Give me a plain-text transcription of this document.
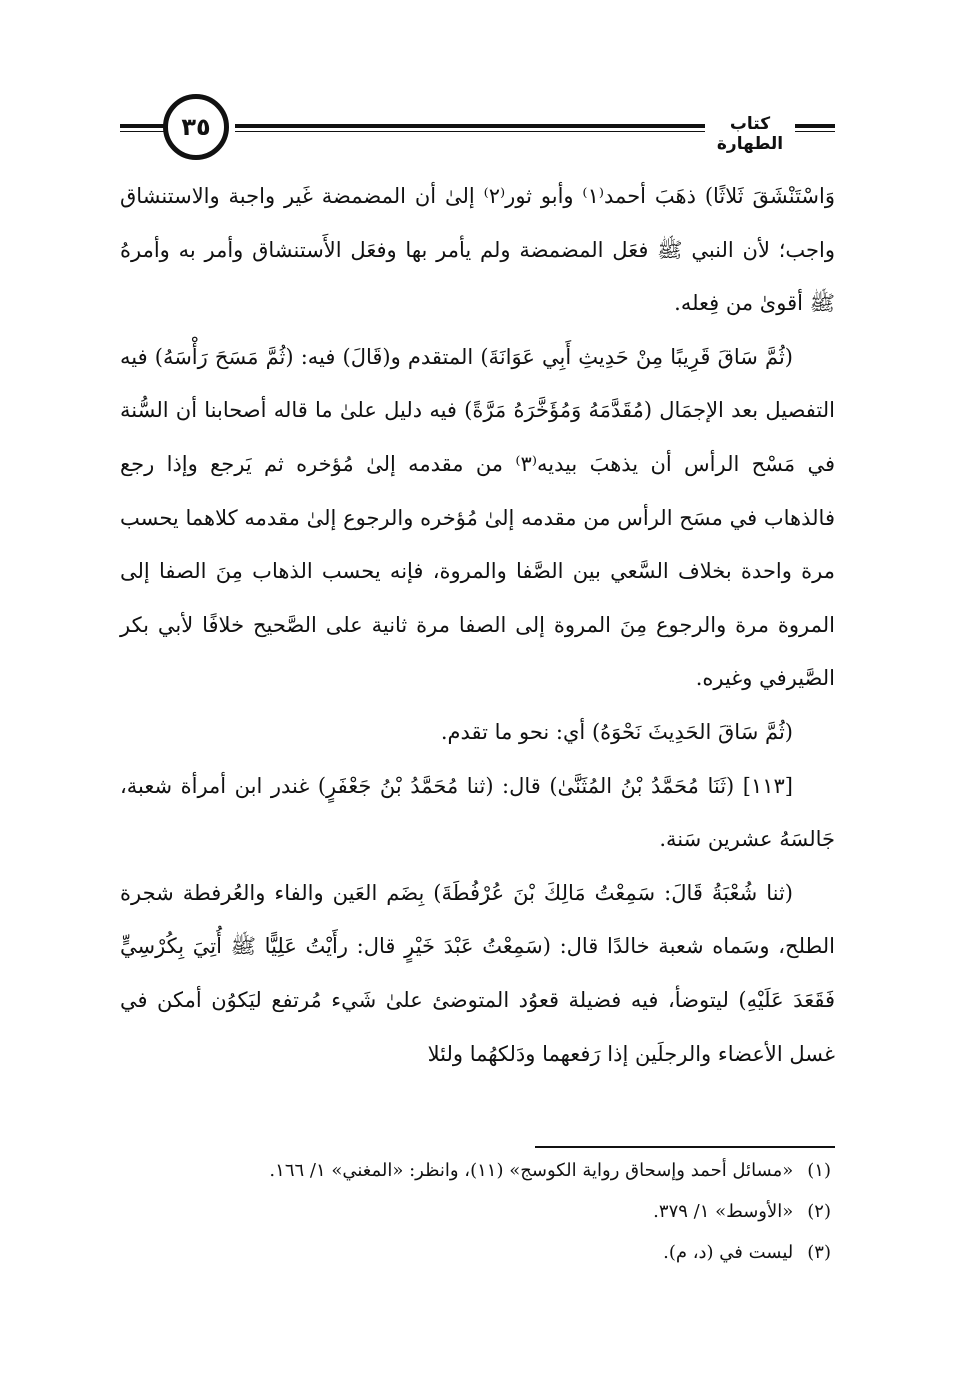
٣٥	كتاب الطهارة

وَاسْتَنْشَقَ ثَلاثًا) ذهَبَ أحمد⁽١⁾ وأبو ثور⁽٢⁾ إلىٰ أن المضمضة غَير واجبة والاستنشاق واجب؛ لأن النبي ﷺ فعَل المضمضة ولم يأمر بها وفعَل الأَستنشاق وأمر به وأمرهُ ﷺ أقوىٰ من فِعله.

(ثُمَّ سَاقَ قَرِيبًا مِنْ حَدِيثِ أَبِي عَوَانَةَ) المتقدم و(قَالَ) فيه: (ثُمَّ مَسَحَ رَأْسَهُ) فيه التفصيل بعد الإجمَال (مُقَدَّمَهُ وَمُؤَخَّرَهُ مَرَّةً) فيه دليل علىٰ ما قاله أصحابنا أن السُّنة في مَسْح الرأس أن يذهبَ بيديه⁽٣⁾ من مقدمه إلىٰ مُؤخره ثم يَرجع وإذا رجع فالذهاب في مسَح الرأس من مقدمه إلىٰ مُؤخره والرجوع إلىٰ مقدمه كلاهما يحسب مرة واحدة بخلاف السَّعي بين الصَّفا والمروة، فإنه يحسب الذهاب مِنَ الصفا إلى المروة مرة والرجوع مِنَ المروة إلى الصفا مرة ثانية على الصَّحيح خلافًا لأبي بكر الصَّيرفي وغيره.

(ثُمَّ سَاقَ الحَدِيثَ نَحْوَهُ) أي: نحو ما تقدم.

[١١٣] (ثَنَا مُحَمَّدُ بْنُ المُثَنَّىٰ) قال: (ثنا مُحَمَّدُ بْنُ جَعْفَرٍ) غندر ابن أمرأة شعبة، جَالسَهُ عشرين سَنة.

(ثنا شُعْبَةُ قَالَ: سَمِعْتُ مَالِكَ بْنَ عُرْفُطَةَ) بِضَم العَين والفاء والعُرفطة شجرة الطلح، وسَماه شعبة خالدًا قال: (سَمِعْتُ عَبْدَ خَيْرٍ قال: رأَيْتُ عَلِيًّا ﷺ أُتِيَ بِكُرْسِيٍّ فَقَعَدَ عَلَيْهِ) ليتوضأ، فيه فضيلة قعوُد المتوضئ علىٰ شَيء مُرتفع ليَكوُن أمكن في غسل الأعضاء والرجلَين إذا رَفعهما ودَلكهُما ولئلا

(١)«مسائل أحمد وإسحاق رواية الكوسج» (١١)، وانظر: «المغني» ١/ ١٦٦.

(٢)«الأوسط» ١/ ٣٧٩.

(٣)ليست في (د، م).
